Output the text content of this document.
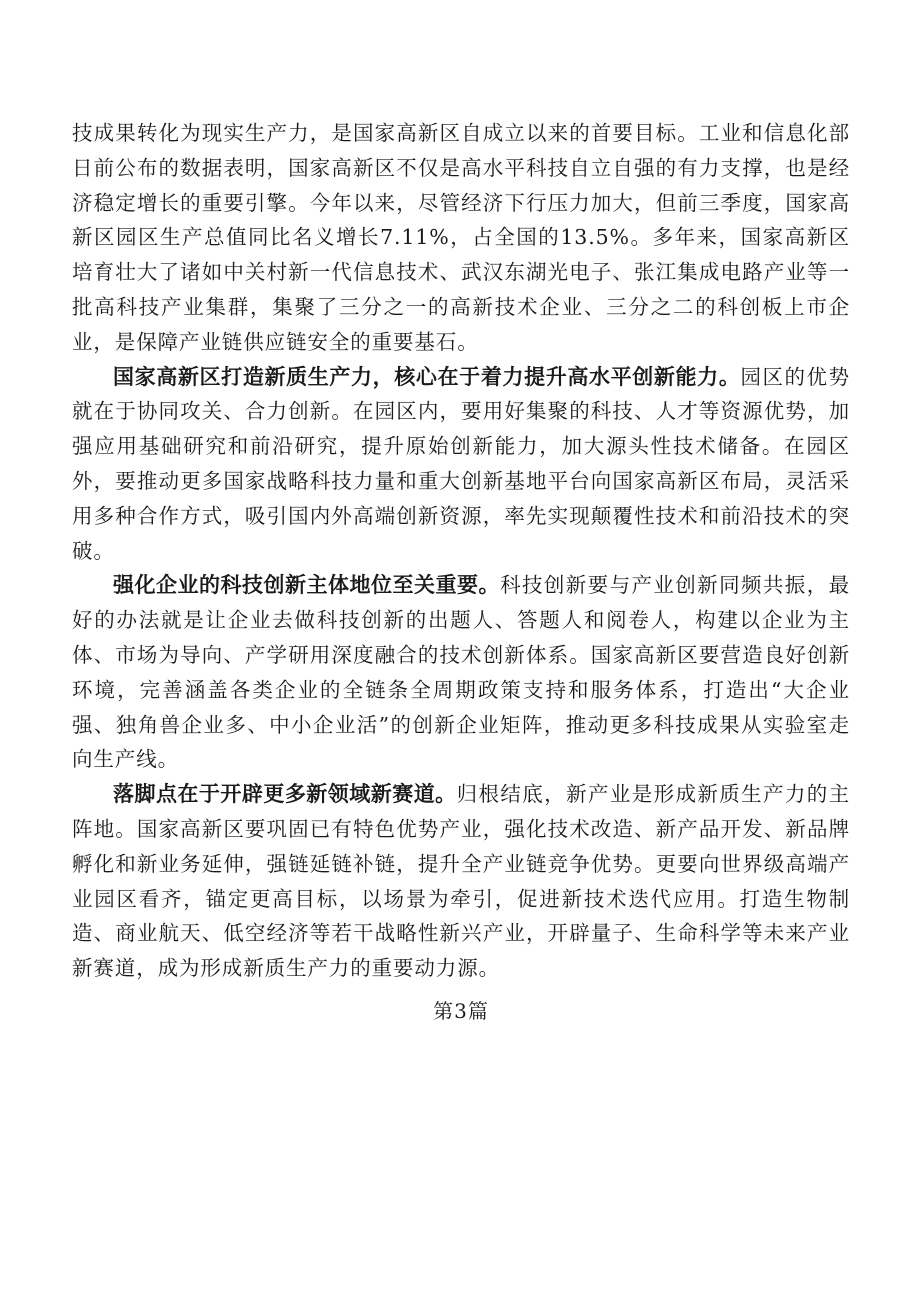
技成果转化为现实生产力，是国家高新区自成立以来的首要目标。工业和信息化部日前公布的数据表明，国家高新区不仅是高水平科技自立自强的有力支撑，也是经济稳定增长的重要引擎。今年以来，尽管经济下行压力加大，但前三季度，国家高新区园区生产总值同比名义增长7.11%，占全国的13.5%。多年来，国家高新区培育壮大了诸如中关村新一代信息技术、武汉东湖光电子、张江集成电路产业等一批高科技产业集群，集聚了三分之一的高新技术企业、三分之二的科创板上市企业，是保障产业链供应链安全的重要基石。

国家高新区打造新质生产力，核心在于着力提升高水平创新能力。园区的优势就在于协同攻关、合力创新。在园区内，要用好集聚的科技、人才等资源优势，加强应用基础研究和前沿研究，提升原始创新能力，加大源头性技术储备。在园区外，要推动更多国家战略科技力量和重大创新基地平台向国家高新区布局，灵活采用多种合作方式，吸引国内外高端创新资源，率先实现颠覆性技术和前沿技术的突破。

强化企业的科技创新主体地位至关重要。科技创新要与产业创新同频共振，最好的办法就是让企业去做科技创新的出题人、答题人和阅卷人，构建以企业为主体、市场为导向、产学研用深度融合的技术创新体系。国家高新区要营造良好创新环境，完善涵盖各类企业的全链条全周期政策支持和服务体系，打造出“大企业强、独角兽企业多、中小企业活”的创新企业矩阵，推动更多科技成果从实验室走向生产线。

落脚点在于开辟更多新领域新赛道。归根结底，新产业是形成新质生产力的主阵地。国家高新区要巩固已有特色优势产业，强化技术改造、新产品开发、新品牌孵化和新业务延伸，强链延链补链，提升全产业链竞争优势。更要向世界级高端产业园区看齐，锚定更高目标，以场景为牵引，促进新技术迭代应用。打造生物制造、商业航天、低空经济等若干战略性新兴产业，开辟量子、生命科学等未来产业新赛道，成为形成新质生产力的重要动力源。

第3篇
